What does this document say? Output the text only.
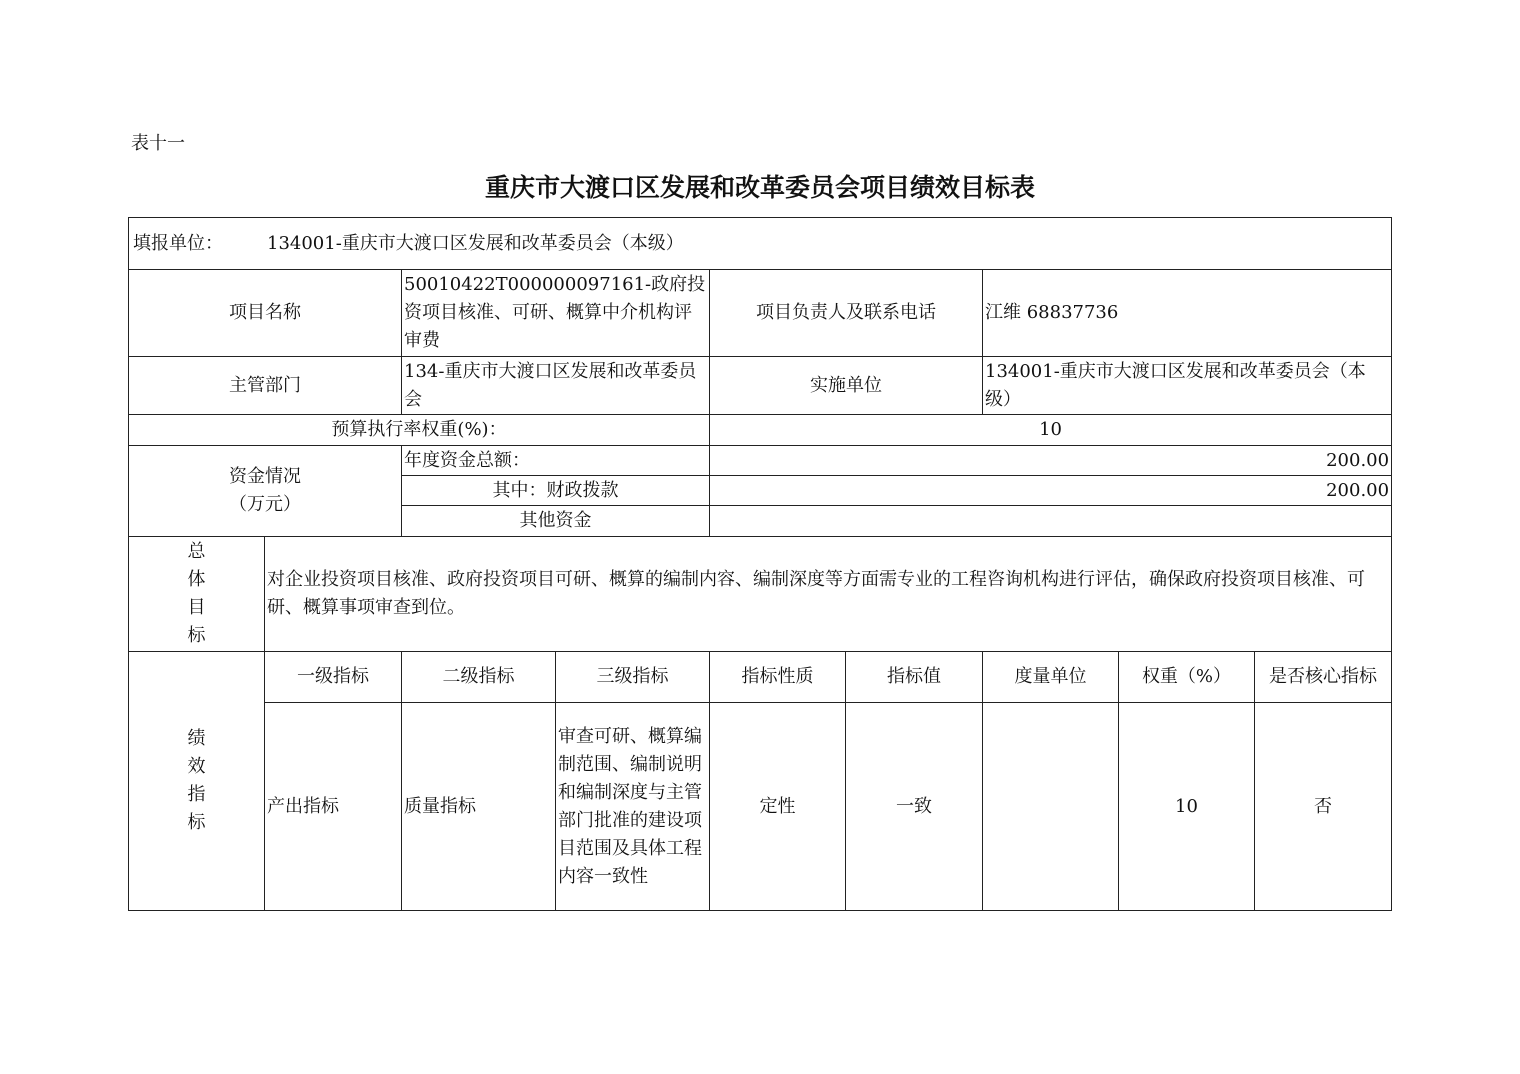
表十一
重庆市大渡口区发展和改革委员会项目绩效目标表
填报单位： 134001-重庆市大渡口区发展和改革委员会（本级）								
项目名称		50010422T000000097161-政府投资项目核准、可研、概算中介机构评审费		项目负责人及联系电话		江维 68837736		
主管部门		134-重庆市大渡口区发展和改革委员会		实施单位		134001-重庆市大渡口区发展和改革委员会（本级）		
预算执行率权重(%)：				10				

资金情况
（万元）		年度资金总额：		200.00				
		其中：财政拨款		200.00				
		其他资金						

总
体
目
标	对企业投资项目核准、政府投资项目可研、概算的编制内容、编制深度等方面需专业的工程咨询机构进行评估，确保政府投资项目核准、可研、概算事项审查到位。							

绩
效
指
标	一级指标	二级指标	三级指标	指标性质	指标值	度量单位	权重（%）	是否核心指标
	产出指标	质量指标	审查可研、概算编制范围、编制说明和编制深度与主管部门批准的建设项目范围及具体工程内容一致性	定性	一致		10	否
